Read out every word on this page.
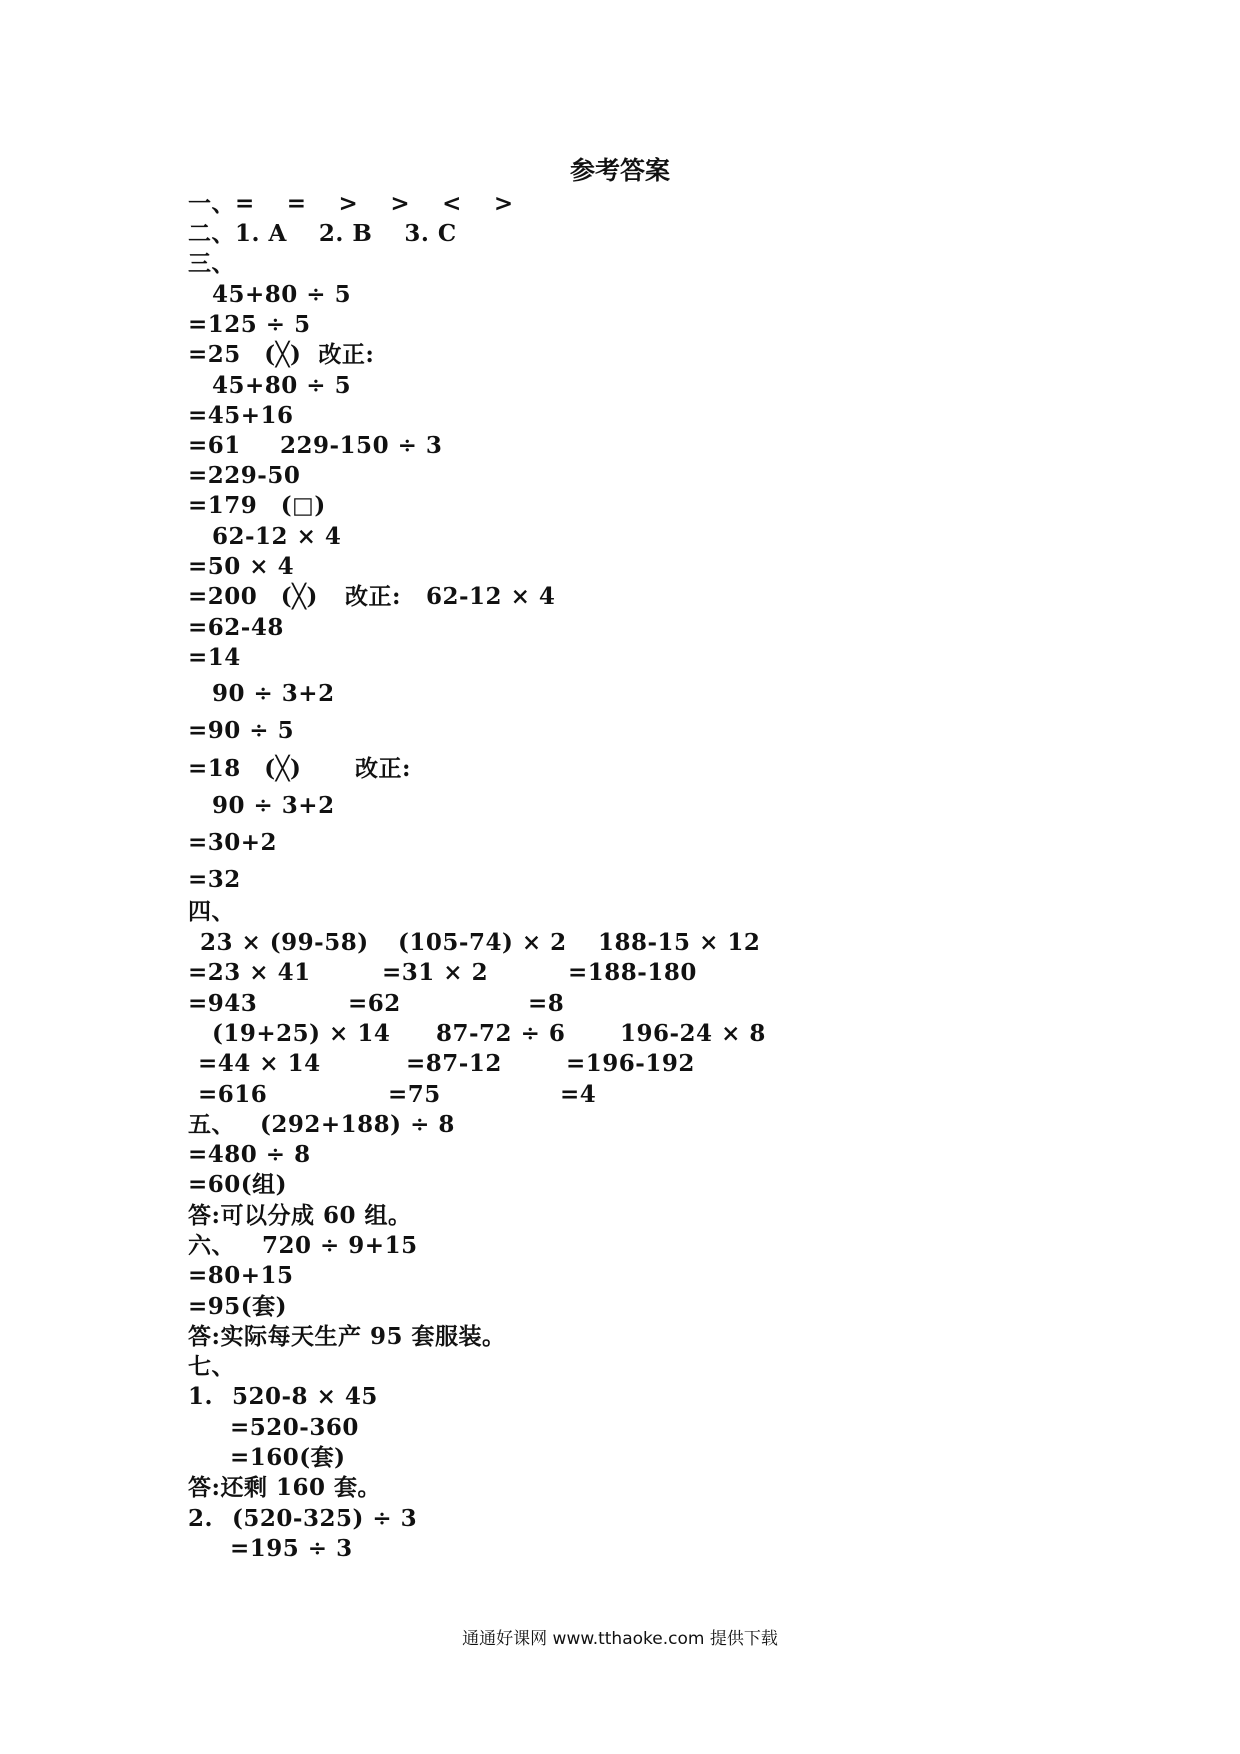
参考答案
一、=　 =　 >　 >　 <　 >
二、1. A　 2. B　 3. C
三、
45+80 ÷ 5
=125 ÷ 5
=25　(╳)  改正:
45+80 ÷ 5
=45+16
=61 229-150 ÷ 3
=229-50
=179　(□)
62-12 × 4
=50 × 4
=200　(╳) 改正: 62-12 × 4
=62-48
=14
90 ÷ 3+2
=90 ÷ 5
=18　(╳) 改正:
90 ÷ 3+2
=30+2
=32
四、
23 × (99-58) (105-74) × 2 188-15 × 12
=23 × 41	=31 × 2	=188-180
=943	=62	=8
(19+25) × 14 87-72 ÷ 6 196-24 × 8
=44 × 14	=87-12	=196-192
=616	=75	=4
五、 (292+188) ÷ 8
=480 ÷ 8
=60(组)
答:可以分成 60 组。
六、 720 ÷ 9+15
=80+15
=95(套)
答:实际每天生产 95 套服装。
七、
1. 520-8 × 45
=520-360
=160(套)
答:还剩 160 套。
2. (520-325) ÷ 3
=195 ÷ 3
通通好课网 www.tthaoke.com 提供下载
